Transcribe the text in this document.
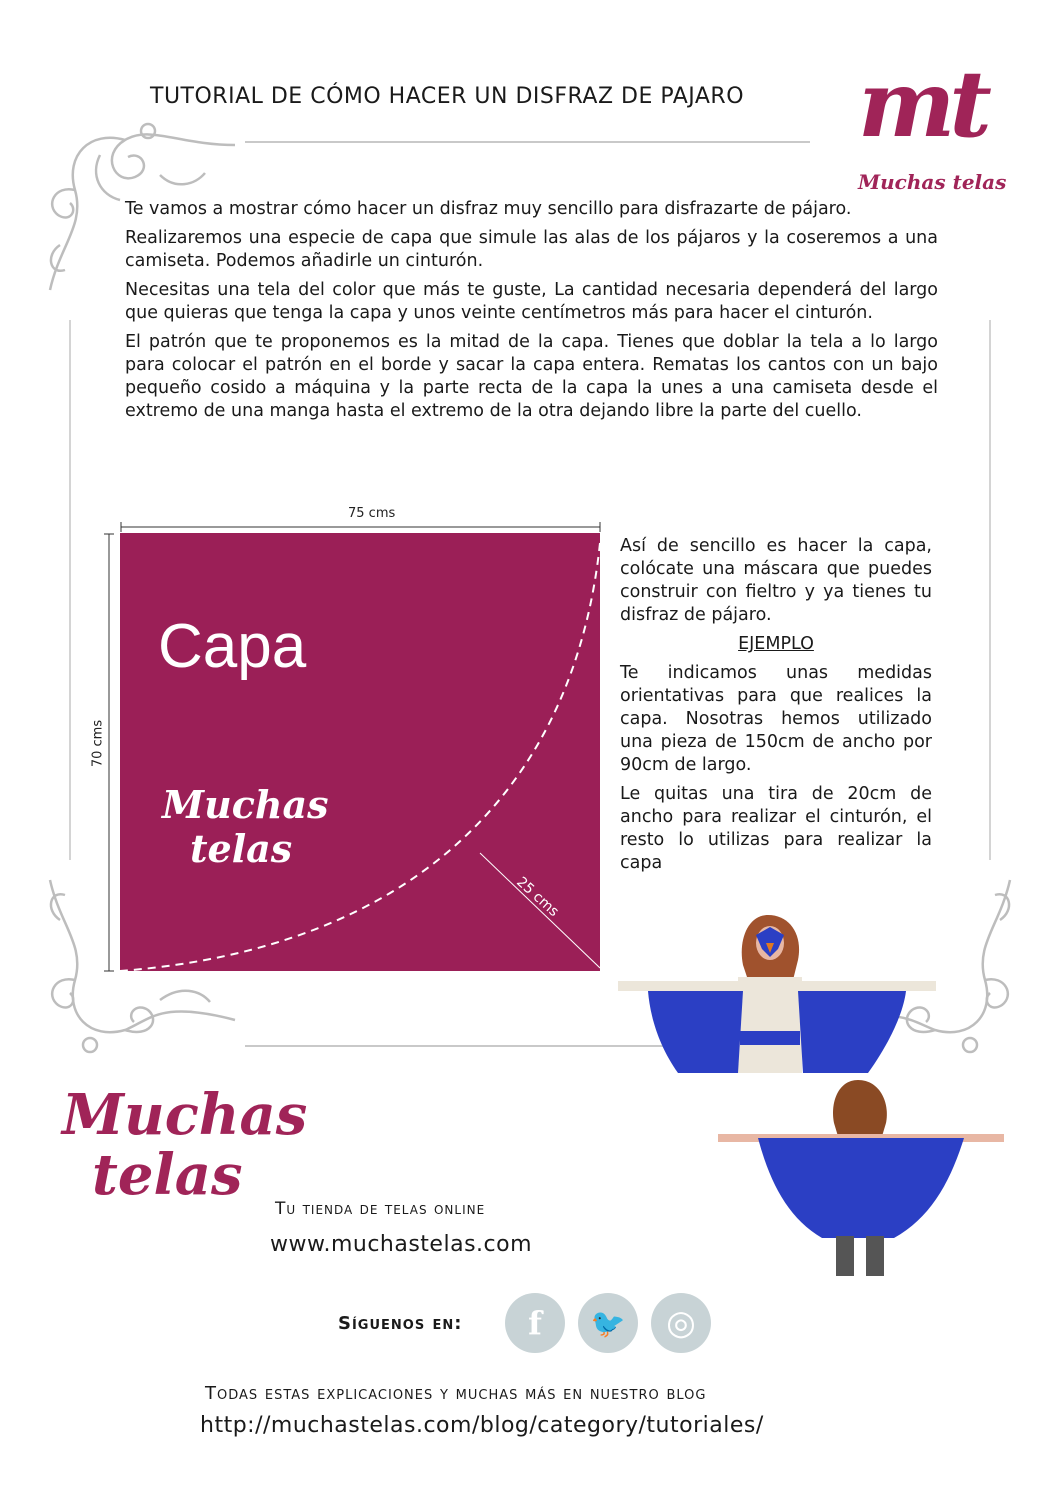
TUTORIAL DE CÓMO HACER UN DISFRAZ DE PAJARO mt
Muchas telas

Te vamos a mostrar cómo hacer un disfraz muy sencillo para disfrazarte de pájaro.

Realizaremos una especie de capa que simule las alas de los pájaros y la coseremos a una camiseta. Podemos añadirle un cinturón.

Necesitas una tela del color que más te guste, La cantidad necesaria dependerá del largo que quieras que tenga la capa y unos veinte centímetros más para hacer el cinturón.

El patrón que te proponemos es la mitad de la capa. Tienes que doblar la tela a lo largo para colocar el patrón en el borde y sacar la capa entera. Rematas los cantos con un bajo pequeño cosido a máquina y la parte recta de la capa la unes a una camiseta desde el extremo de una manga hasta el extremo de la otra dejando libre la parte del cuello.

75 cms
70 cms
Capa
Muchas
telas
25 cms

Así de sencillo es hacer la capa, colócate una máscara que puedes construir con fieltro y ya tienes tu disfraz de pájaro.

EJEMPLO

Te indicamos unas medidas orientativas para que realices la capa. Nosotras hemos utilizado una pieza de 150cm de ancho por 90cm de largo.

Le quitas una tira de 20cm de ancho para realizar el cinturón, el resto lo utilizas para realizar la capa

Muchas
telas
Tu tienda de telas online
www.muchastelas.com
Síguenos en:	f	🐦	◎
Todas estas explicaciones y muchas más en nuestro blog
http://muchastelas.com/blog/category/tutoriales/
